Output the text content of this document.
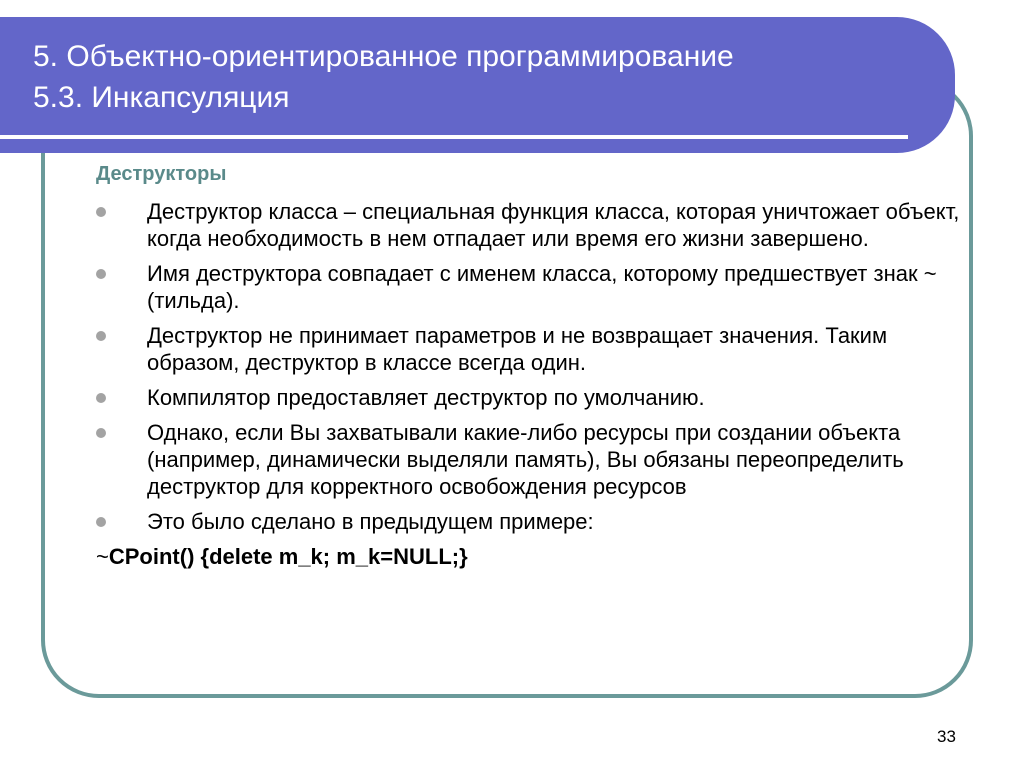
5. Объектно-ориентированное программирование
5.3. Инкапсуляция
Деструкторы
Деструктор класса – специальная функция класса, которая уничтожает объект, когда необходимость в нем отпадает или время его жизни завершено.
Имя деструктора совпадает с именем класса, которому предшествует знак ~(тильда).
Деструктор не принимает параметров и не возвращает значения. Таким образом, деструктор в классе всегда один.
Компилятор предоставляет деструктор по умолчанию.
Однако, если Вы захватывали какие-либо ресурсы при создании объекта (например, динамически выделяли память), Вы обязаны переопределить деструктор для корректного освобождения ресурсов
Это было сделано в предыдущем примере:
~CPoint() {delete m_k; m_k=NULL;}
33
